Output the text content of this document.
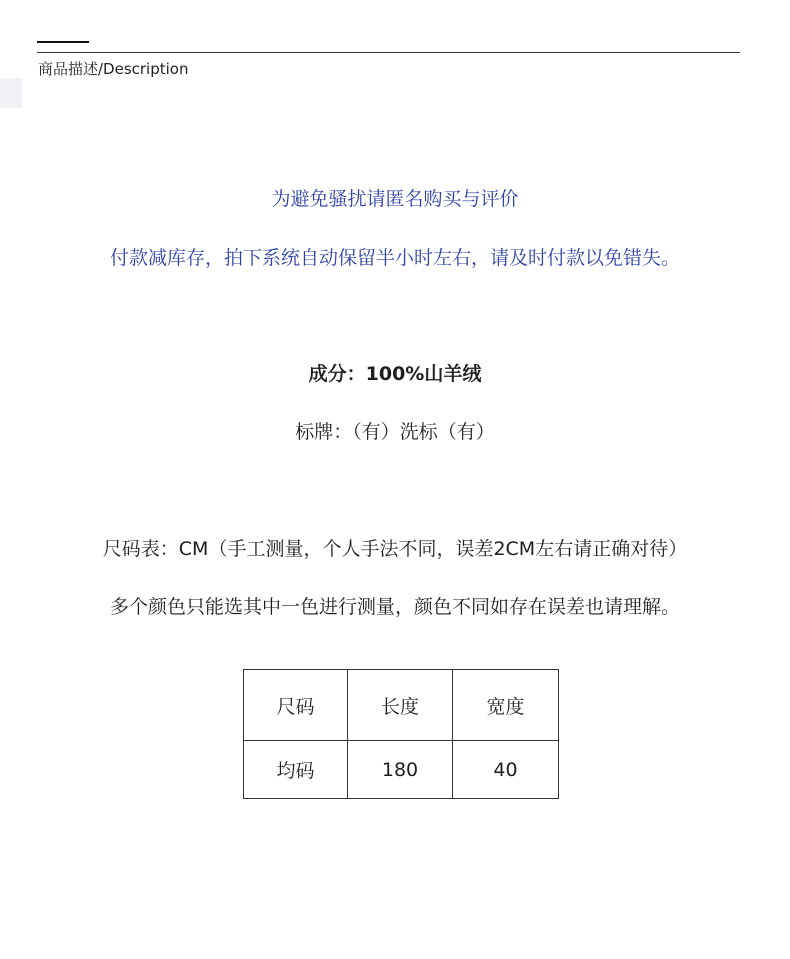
商品描述/Description
为避免骚扰请匿名购买与评价
付款减库存，拍下系统自动保留半小时左右，请及时付款以免错失。
成分：100%山羊绒
标牌：（有）洗标（有）
尺码表：CM（手工测量，个人手法不同，误差2CM左右请正确对待）
多个颜色只能选其中一色进行测量，颜色不同如存在误差也请理解。
尺码	长度	宽度
均码	180	40
